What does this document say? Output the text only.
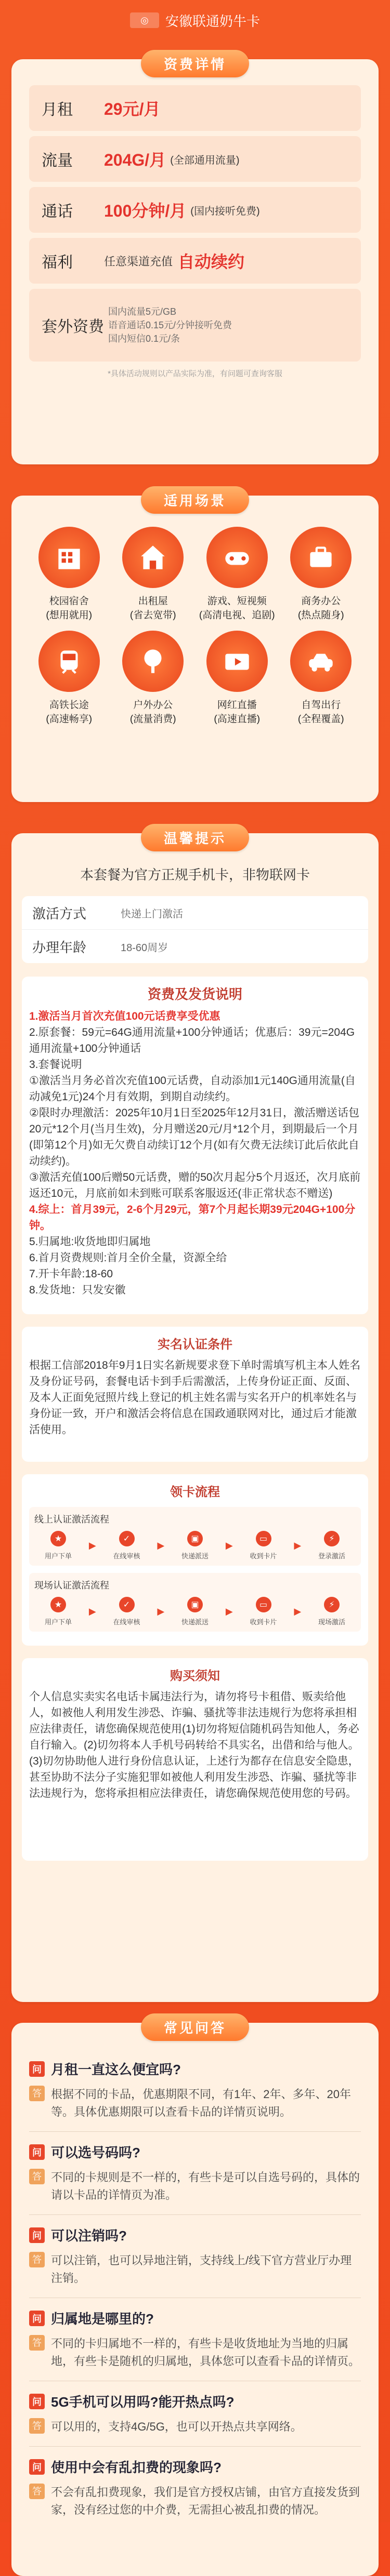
◎	安徽联通奶牛卡
资费详情
月租	29元/月
流量	204G/月 (全部通用流量)
通话	100分钟/月 (国内接听免费)
福利	任意渠道充值 自动续约
套外资费
国内流量5元/GB
语音通话0.15元/分钟接听免费
国内短信0.1元/条
*具体活动规则以产品实际为准，有问题可查询客服
适用场景
校园宿舍
(想用就用)
出租屋
(省去宽带)
游戏、短视频
(高清电视、追剧)
商务办公
(热点随身)
高铁长途
(高速畅享)
户外办公
(流量消费)
网红直播
(高速直播)
自驾出行
(全程覆盖)
温馨提示
本套餐为官方正规手机卡，非物联网卡
激活方式	快递上门激活
办理年龄	18-60周岁
资费及发货说明
1.激活当月首次充值100元话费享受优惠
2.原套餐：59元=64G通用流量+100分钟通话；优惠后：39元=204G通用流量+100分钟通话
3.套餐说明
①激活当月务必首次充值100元话费，自动添加1元140G通用流量(自动减免1元)24个月有效期，到期自动续约。
②限时办理激活：2025年10月1日至2025年12月31日，激活赠送话包20元*12个月(当月生效)，分月赠送20元/月*12个月，到期最后一个月(即第12个月)如无欠费自动续订12个月(如有欠费无法续订此后依此自动续约)。
③激活充值100后赠50元话费，赠的50次月起分5个月返还，次月底前返还10元，月底前如未到账可联系客服返还(非正常状态不赠送)
4.综上：首月39元，2-6个月29元，第7个月起长期39元204G+100分钟。
5.归属地:收货地即归属地
6.首月资费规则:首月全价全量，资源全给
7.开卡年龄:18-60
8.发货地：只发安徽
实名认证条件
根据工信部2018年9月1日实名新规要求登下单时需填写机主本人姓名及身份证号码，套餐电话卡到手后需激活，上传身份证正面、反面、及本人正面免冠照片线上登记的机主姓名需与实名开户的机率姓名与身份证一致，开户和激活会将信息在国政通联网对比，通过后才能激活使用。
领卡流程
线上认证激活流程
★
用户下单
▶
✓
在线审核
▶
▣
快递派送
▶
▭
收到卡片
▶
⚡
登录激活
现场认证激活流程
★
用户下单
▶
✓
在线审核
▶
▣
快递派送
▶
▭
收到卡片
▶
⚡
现场激活
购买须知
个人信息实卖实名电话卡属违法行为，请勿将号卡租借、贩卖给他人，如被他人利用发生涉恐、诈骗、骚扰等非法违规行为您将承担相应法律责任，请您确保规范使用(1)切勿将短信随机码告知他人，务必自行输入。(2)切勿将本人手机号码转给不具实名，出借和给与他人。(3)切勿协助他人进行身份信息认证，上述行为都存在信息安全隐患，甚至协助不法分子实施犯罪如被他人利用发生涉恐、诈骗、骚扰等非法违规行为，您将承担相应法律责任，请您确保规范使用您的号码。
常见问答
问 月租一直这么便宜吗?
答 根据不同的卡品，优惠期限不同，有1年、2年、多年、20年等。具体优惠期限可以查看卡品的详情页说明。
问 可以选号码吗?
答 不同的卡规则是不一样的，有些卡是可以自选号码的，具体的请以卡品的详情页为准。
问 可以注销吗?
答 可以注销，也可以异地注销，支持线上/线下官方营业厅办理注销。
问 归属地是哪里的?
答 不同的卡归属地不一样的，有些卡是收货地址为当地的归属地，有些卡是随机的归属地，具体您可以查看卡品的详情页。
问 5G手机可以用吗?能开热点吗?
答 可以用的，支持4G/5G，也可以开热点共享网络。
问 使用中会有乱扣费的现象吗?
答 不会有乱扣费现象，我们是官方授权店铺，由官方直接发货到家，没有经过您的中介费，无需担心被乱扣费的情况。
